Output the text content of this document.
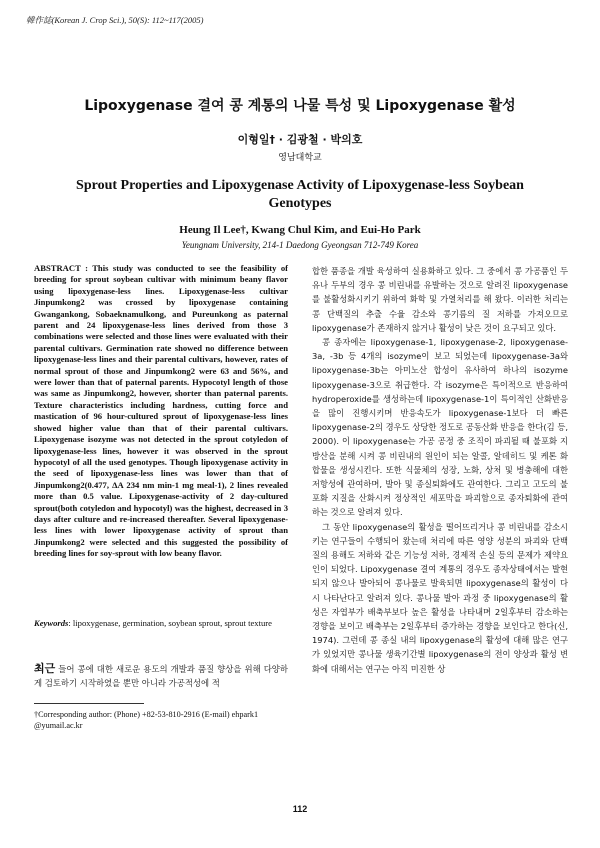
韓作誌(Korean J. Crop Sci.), 50(S): 112~117(2005)
Lipoxygenase 결여 콩 계통의 나물 특성 및 Lipoxygenase 활성
이형일† · 김광철 · 박의호
영남대학교
Sprout Properties and Lipoxygenase Activity of Lipoxygenase-less Soybean Genotypes
Heung Il Lee†, Kwang Chul Kim, and Eui-Ho Park
Yeungnam University, 214-1 Daedong Gyeongsan 712-749 Korea
ABSTRACT : This study was conducted to see the feasibility of breeding for sprout soybean cultivar with minimum beany flavor using lipoxygenase-less lines. Lipoxygenase-less cultivar Jinpumkong2 was crossed by lipoxygenase containing Gwangankong, Sobaeknamulkong, and Pureunkong as paternal parent and 24 lipoxygenase-less lines derived from those 3 combinations were selected and those lines were evaluated with their parental cultivars. Germination rate showed no difference between lipoxygenase-less lines and their parental cultivars, however, rates of normal sprout of those and Jinpumkong2 were 63 and 56%, and were lower than that of paternal parents. Hypocotyl length of those was same as Jinpumkong2, however, shorter than paternal parents. Texture characteristics including hardness, cutting force and mastication of 96 hour-cultured sprout of lipoxygenase-less lines showed higher value than that of their parental cultivars. Lipoxygenase isozyme was not detected in the sprout cotyledon of lipoxygenase-less lines, however it was observed in the sprout hypocotyl of all the used genotypes. Though lipoxygenase activity in the seed of lipoxygenase-less lines was lower than that of Jinpumkong2(0.477, ΔA 234 nm min-1 mg meal-1), 2 lines revealed more than 0.5 value. Lipoxygenase-activity of 2 day-cultured sprout(both cotyledon and hypocotyl) was the highest, decreased in 3 days after culture and re-increased thereafter. Several lipoxygenase-less lines with lower lipoxygenase activity of sprout than Jinpumkong2 were selected and this suggested the possibility of breeding lines for soy-sprout with low beany flavor.
Keywords: lipoxygenase, germination, soybean sprout, sprout texture
최근 들어 콩에 대한 새로운 용도의 개발과 품질 향상을 위해 다양하게 검토하기 시작하였을 뿐만 아니라 가공적성에 적
†Corresponding author: (Phone) +82-53-810-2916 (E-mail) ehpark1
@yumail.ac.kr

합한 품종을 개발 육성하여 실용화하고 있다. 그 중에서 콩 가공품인 두유나 두부의 경우 콩 비린내를 유발하는 것으로 알려진 lipoxygenase를 불활성화시키기 위하여 화학 및 가열처리를 해 왔다. 이러한 처리는 콩 단백질의 추출 수율 감소와 콩기름의 질 저하를 가져오므로 lipoxygenase가 존재하지 않거나 활성이 낮은 것이 요구되고 있다.

콩 종자에는 lipoxygenase-1, lipoxygenase-2, lipoxygenase-3a, -3b 등 4개의 isozyme이 보고 되었는데 lipoxygenase-3a와 lipoxygenase-3b는 아미노산 합성이 유사하여 하나의 isozyme lipoxygenase-3으로 취급한다. 각 isozyme은 특이적으로 반응하여 hydroperoxide를 생성하는데 lipoxygenase-1이 특이적인 산화반응을 많이 진행시키며 반응속도가 lipoxygenase-1보다 더 빠른 lipoxygenase-2의 경우도 상당한 정도로 공동산화 반응을 한다(김 등, 2000). 이 lipoxygenase는 가공 공정 중 조직이 파괴될 때 불포화 지방산을 분해 시켜 콩 비린내의 원인이 되는 알콜, 알데히드 및 케톤 화합물을 생성시킨다. 또한 식물체의 성장, 노화, 상처 및 병충해에 대한 저항성에 관여하며, 발아 및 종실퇴화에도 관여한다. 그리고 고도의 불포화 지질을 산화시켜 정상적인 세포막을 파괴함으로 종자퇴화에 관여하는 것으로 알려져 있다.

그 동안 lipoxygenase의 활성을 떨어뜨리거나 콩 비린내를 감소시키는 연구들이 수행되어 왔는데 처리에 따른 영양 성분의 파괴와 단백질의 용해도 저하와 같은 기능성 저하, 경제적 손실 등의 문제가 제약요인이 되었다. Lipoxygenase 결여 계통의 경우도 종자상태에서는 발현되지 않으나 발아되어 콩나물로 발육되면 lipoxygenase의 활성이 다시 나타난다고 알려져 있다. 콩나물 발아 과정 중 lipoxygenase의 활성은 자엽부가 배축부보다 높은 활성을 나타내며 2일후부터 감소하는 경향을 보이고 배축부는 2일후부터 증가하는 경향을 보인다고 한다(신, 1974). 그런데 콩 종실 내의 lipoxygenase의 활성에 대해 많은 연구가 있었지만 콩나물 생육기간별 lipoxygenase의 전이 양상과 활성 변화에 대해서는 연구는 아직 미진한 상

112
